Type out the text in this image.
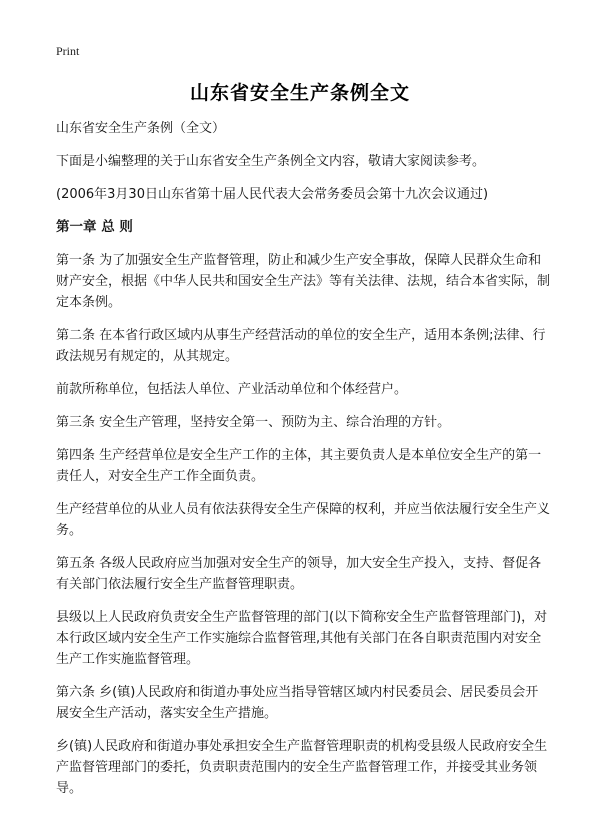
Print
山东省安全生产条例全文

山东省安全生产条例（全文）

下面是小编整理的关于山东省安全生产条例全文内容，敬请大家阅读参考。

(2006年3月30日山东省第十届人民代表大会常务委员会第十九次会议通过)

第一章 总 则

第一条 为了加强安全生产监督管理，防止和减少生产安全事故，保障人民群众生命和财产安全，根据《中华人民共和国安全生产法》等有关法律、法规，结合本省实际，制定本条例。

第二条 在本省行政区域内从事生产经营活动的单位的安全生产，适用本条例;法律、行政法规另有规定的，从其规定。

前款所称单位，包括法人单位、产业活动单位和个体经营户。

第三条 安全生产管理，坚持安全第一、预防为主、综合治理的方针。

第四条 生产经营单位是安全生产工作的主体，其主要负责人是本单位安全生产的第一责任人，对安全生产工作全面负责。

生产经营单位的从业人员有依法获得安全生产保障的权利，并应当依法履行安全生产义务。

第五条 各级人民政府应当加强对安全生产的领导，加大安全生产投入，支持、督促各有关部门依法履行安全生产监督管理职责。

县级以上人民政府负责安全生产监督管理的部门(以下简称安全生产监督管理部门)，对本行政区域内安全生产工作实施综合监督管理,其他有关部门在各自职责范围内对安全生产工作实施监督管理。

第六条 乡(镇)人民政府和街道办事处应当指导管辖区域内村民委员会、居民委员会开展安全生产活动，落实安全生产措施。

乡(镇)人民政府和街道办事处承担安全生产监督管理职责的机构受县级人民政府安全生产监督管理部门的委托，负责职责范围内的安全生产监督管理工作，并接受其业务领导。
